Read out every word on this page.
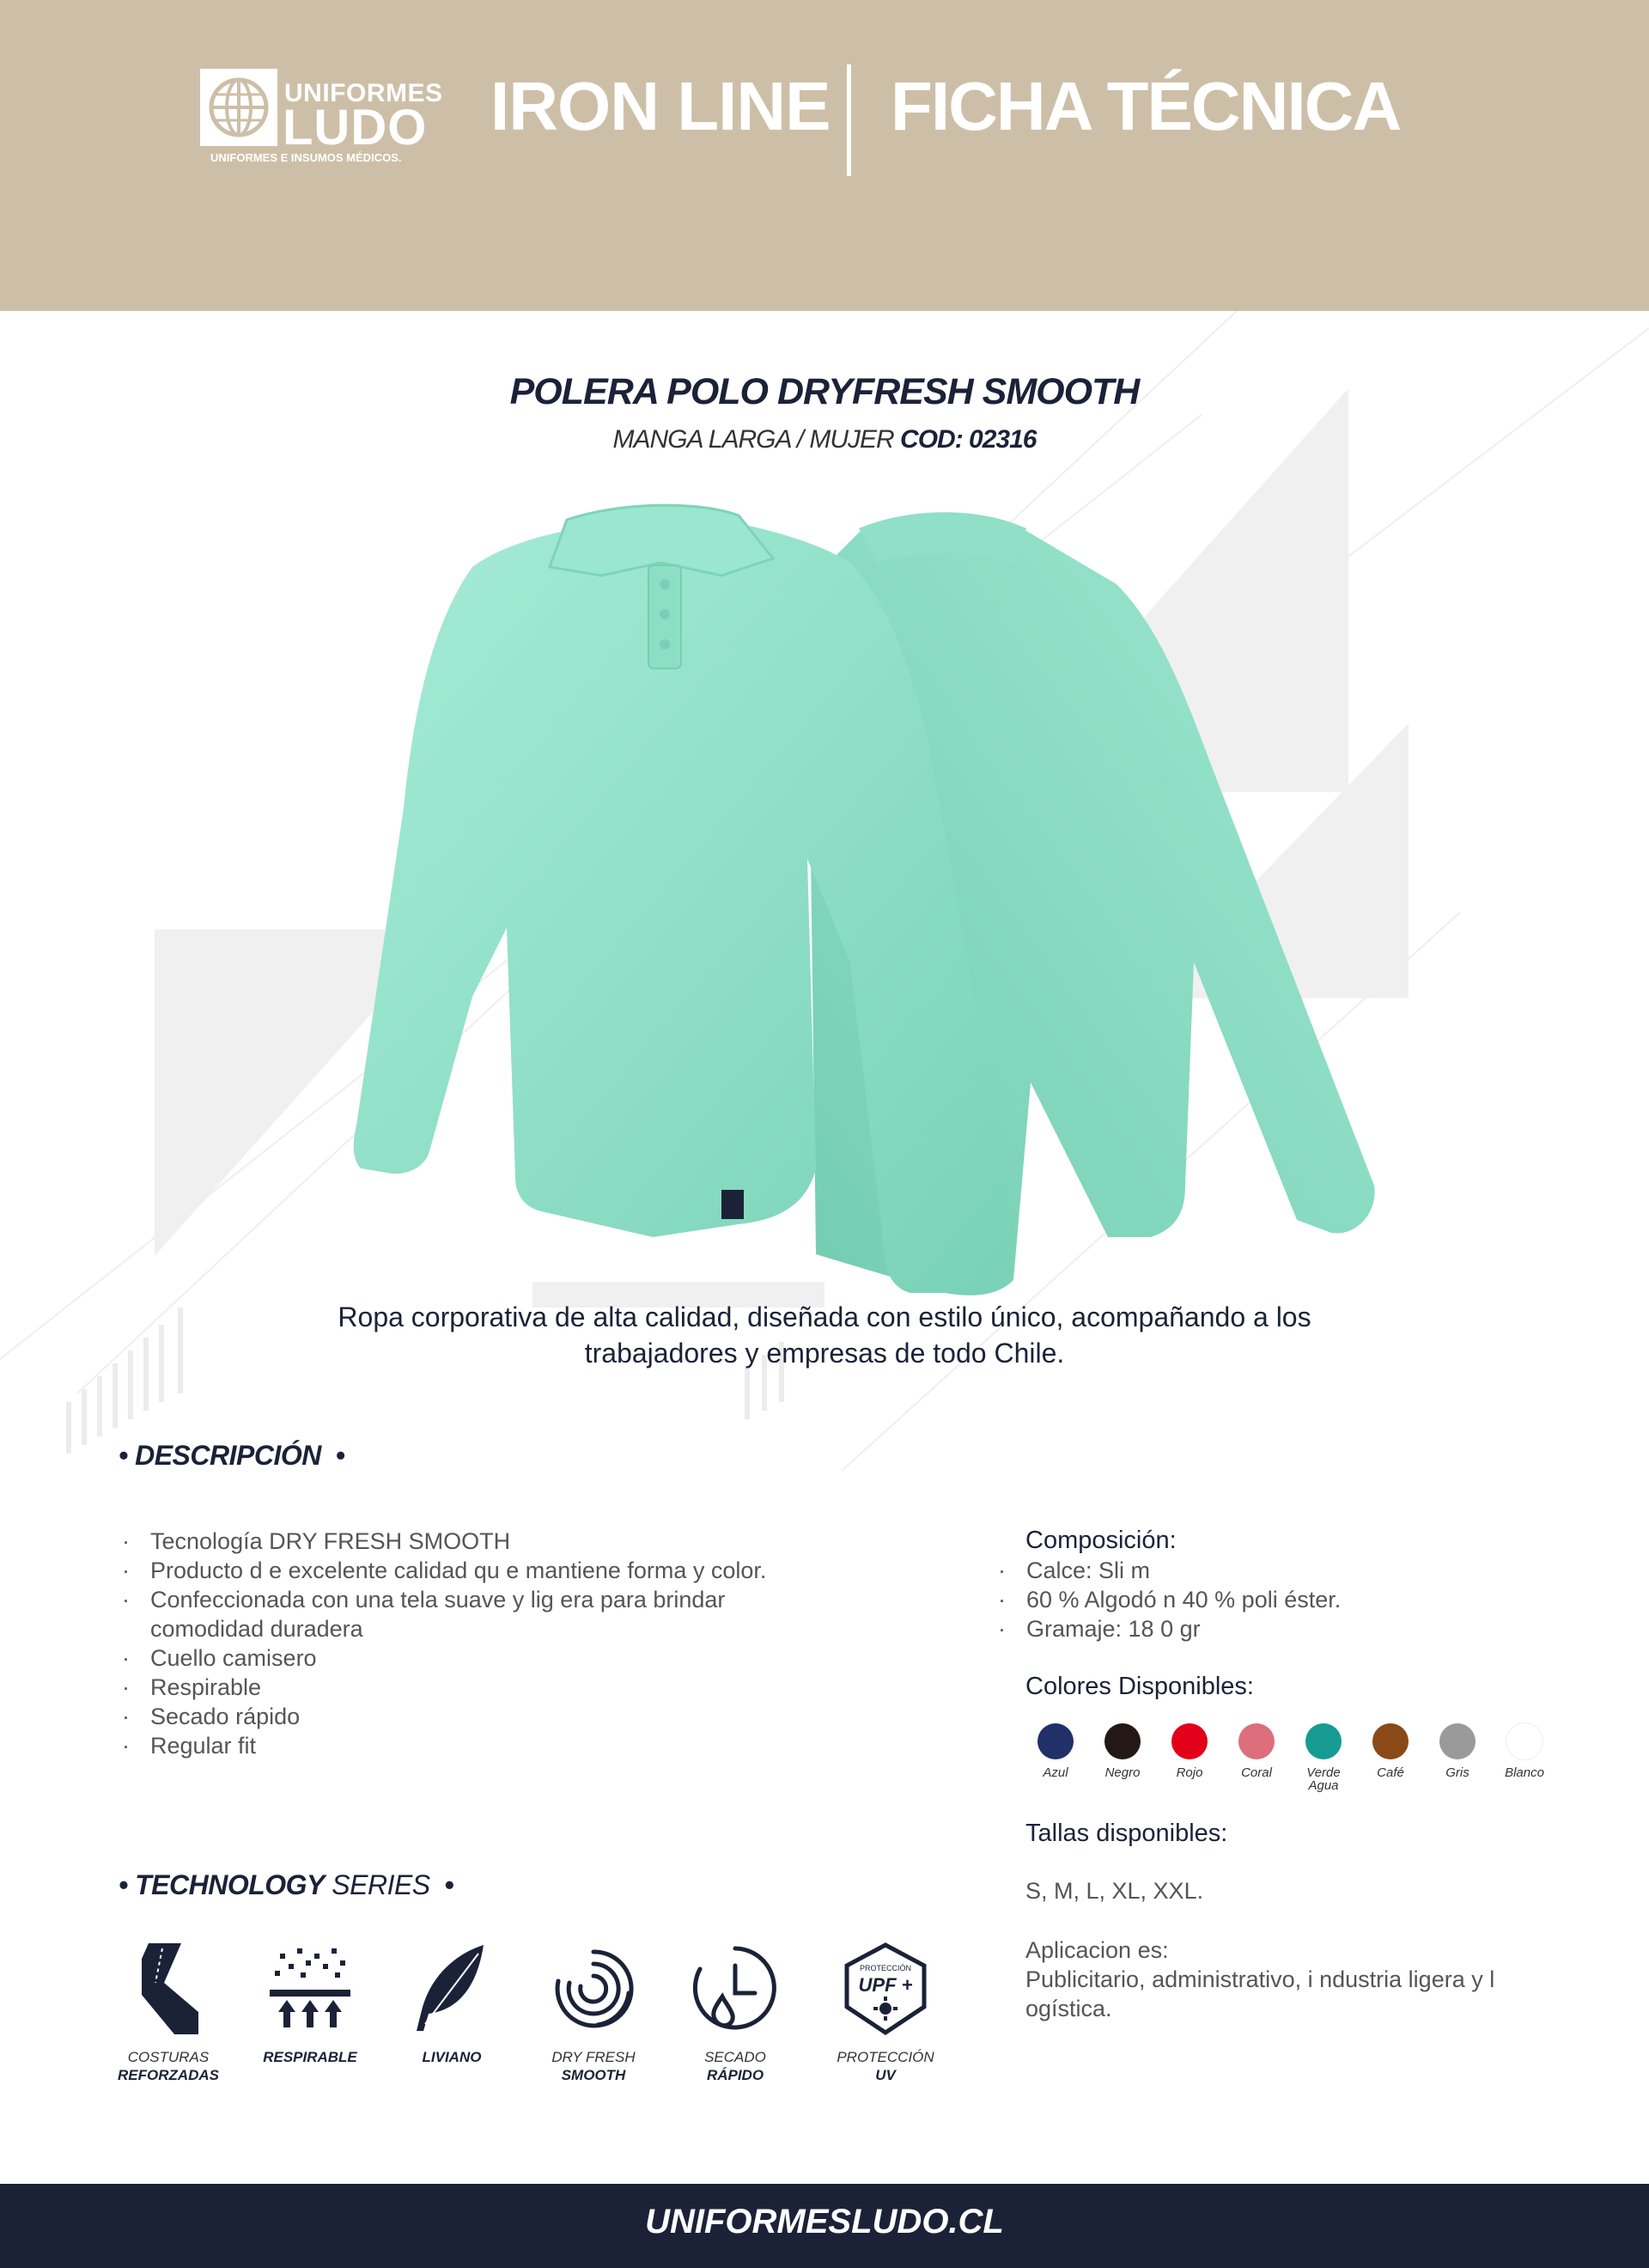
UNIFORMES
LUDO
UNIFORMES E INSUMOS MÉDICOS.
IRON LINE FICHA TÉCNICA
POLERA POLO DRYFRESH SMOOTH
MANGA LARGA / MUJER COD: 02316
Ropa corporativa de alta calidad, diseñada con estilo único, acompañando a los trabajadores y empresas de todo Chile.
• DESCRIPCIÓN  •
· Tecnología DRY FRESH SMOOTH
· Producto d e excelente calidad qu e mantiene forma y color.
· Confeccionada con una tela suave y lig era para brindar comodidad duradera
· Cuello camisero
· Respirable
· Secado rápido
· Regular fit
Composición:
· Calce: Sli m
· 60 % Algodó n 40 % poli éster.
· Gramaje: 18 0 gr
Colores Disponibles:
Azul	Negro	Rojo	Coral	Verde Agua
Café	Gris	Blanco
Tallas disponibles:
S, M, L, XL, XXL.
Aplicacion es:
Publicitario, administrativo, i ndustria ligera y l ogística.
• TECHNOLOGY SERIES  •
COSTURAS
REFORZADAS
RESPIRABLE	LIVIANO	DRY FRESH
SMOOTH
SECADO
RÁPIDO
PROTECCIÓN
UPF +
PROTECCIÓN
UV
UNIFORMESLUDO.CL
